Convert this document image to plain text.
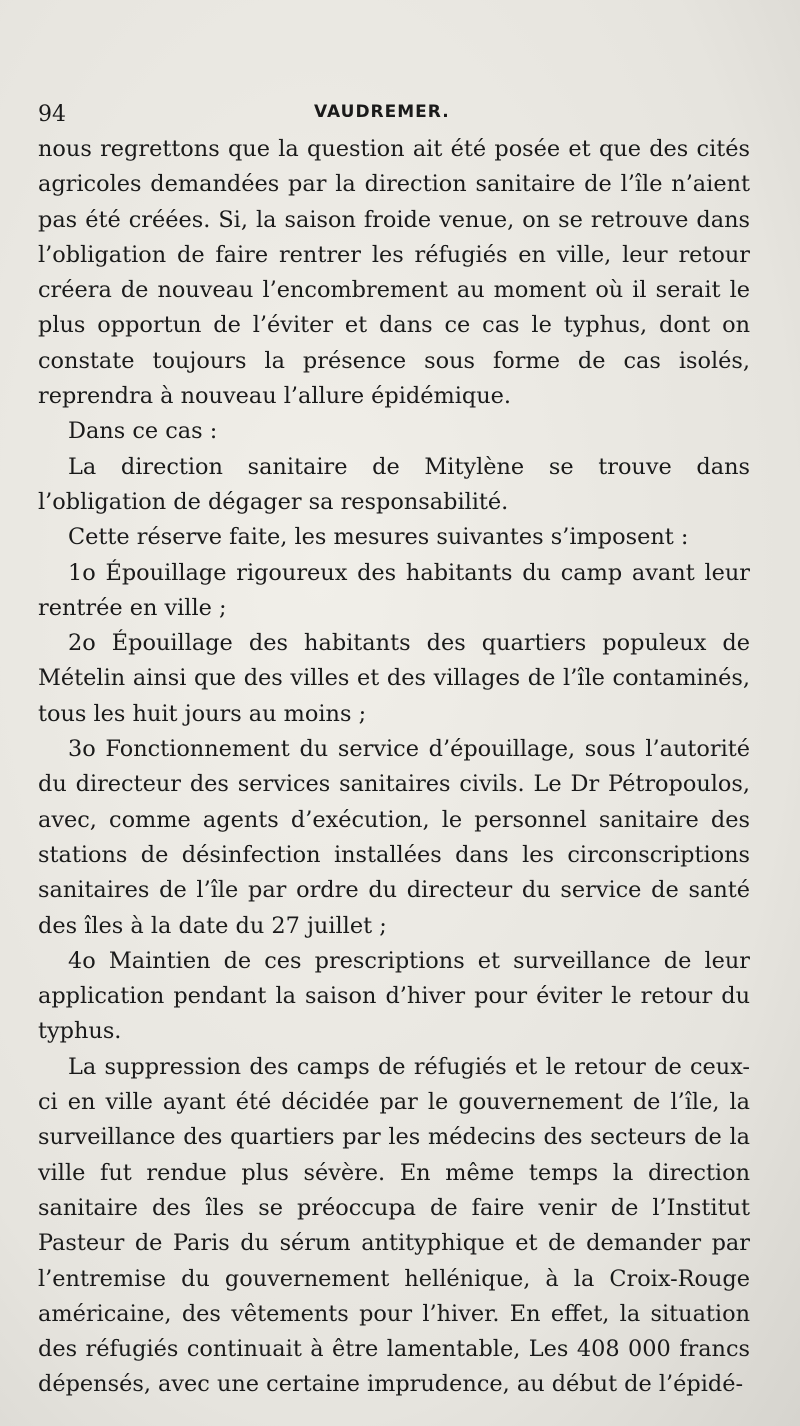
94	VAUDREMER.

nous regrettons que la question ait été posée et que des cités agricoles demandées par la direction sanitaire de l’île n’aient pas été créées. Si, la saison froide venue, on se retrouve dans l’obligation de faire rentrer les réfugiés en ville, leur retour créera de nouveau l’encombrement au moment où il serait le plus opportun de l’éviter et dans ce cas le typhus, dont on constate toujours la présence sous forme de cas isolés, reprendra à nouveau l’allure épidémique.

Dans ce cas :

La direction sanitaire de Mitylène se trouve dans l’obligation de dégager sa responsabilité.

Cette réserve faite, les mesures suivantes s’imposent :

1o Épouillage rigoureux des habitants du camp avant leur rentrée en ville ;

2o Épouillage des habitants des quartiers populeux de Mételin ainsi que des villes et des villages de l’île contaminés, tous les huit jours au moins ;

3o Fonctionnement du service d’épouillage, sous l’autorité du directeur des services sanitaires civils. Le Dr Pétropoulos, avec, comme agents d’exécution, le personnel sanitaire des stations de désinfection installées dans les circonscriptions sanitaires de l’île par ordre du directeur du service de santé des îles à la date du 27 juillet ;

4o Maintien de ces prescriptions et surveillance de leur application pendant la saison d’hiver pour éviter le retour du typhus.

La suppression des camps de réfugiés et le retour de ceux-ci en ville ayant été décidée par le gouvernement de l’île, la surveillance des quartiers par les médecins des secteurs de la ville fut rendue plus sévère. En même temps la direction sanitaire des îles se préoccupa de faire venir de l’Institut Pasteur de Paris du sérum antityphique et de demander par l’entremise du gouvernement hellénique, à la Croix-Rouge américaine, des vêtements pour l’hiver. En effet, la situation des réfugiés continuait à être lamentable, Les 408 000 francs dépensés, avec une certaine imprudence, au début de l’épidé-
